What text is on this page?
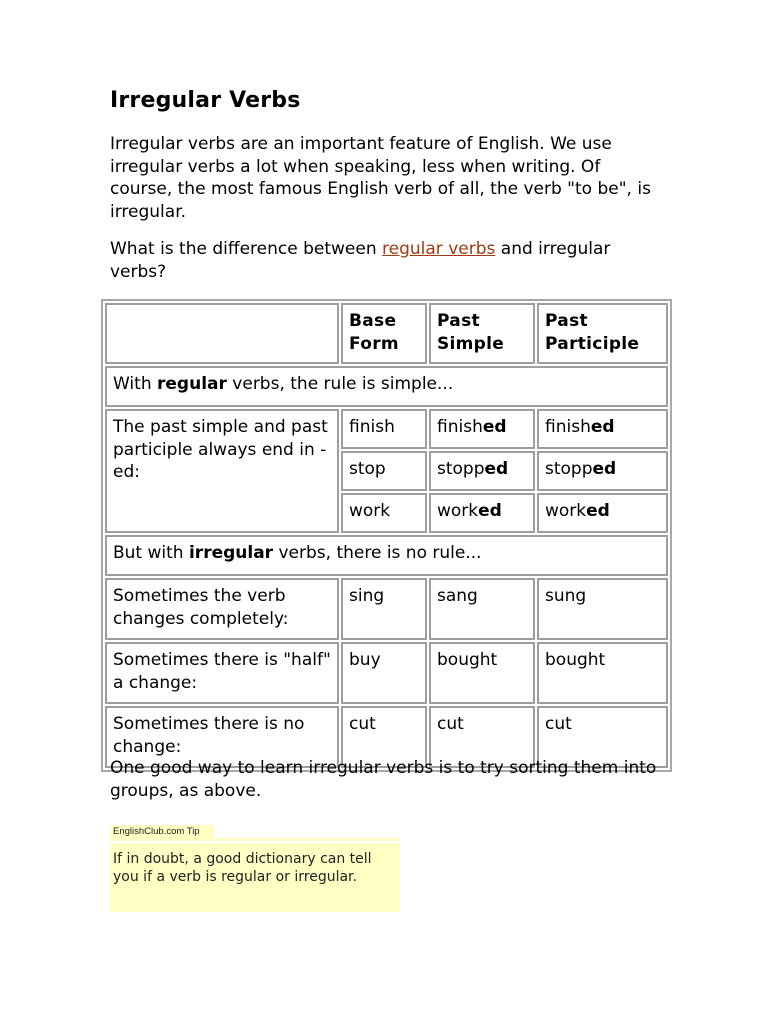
Irregular Verbs

Irregular verbs are an important feature of English. We use irregular verbs a lot when speaking, less when writing. Of course, the most famous English verb of all, the verb "to be", is irregular.

What is the difference between regular verbs and irregular verbs?

	Base Form	Past Simple	Past Participle
With regular verbs, the rule is simple...			
The past simple and past participle always end in -ed:	finish	finished	finished
	stop	stopped	stopped
	work	worked	worked
But with irregular verbs, there is no rule...			
Sometimes the verb changes completely:	sing	sang	sung
Sometimes there is "half" a change:	buy	bought	bought
Sometimes there is no change:	cut	cut	cut

One good way to learn irregular verbs is to try sorting them into groups, as above.

EnglishClub.com Tip
If in doubt, a good dictionary can tell you if a verb is regular or irregular.
